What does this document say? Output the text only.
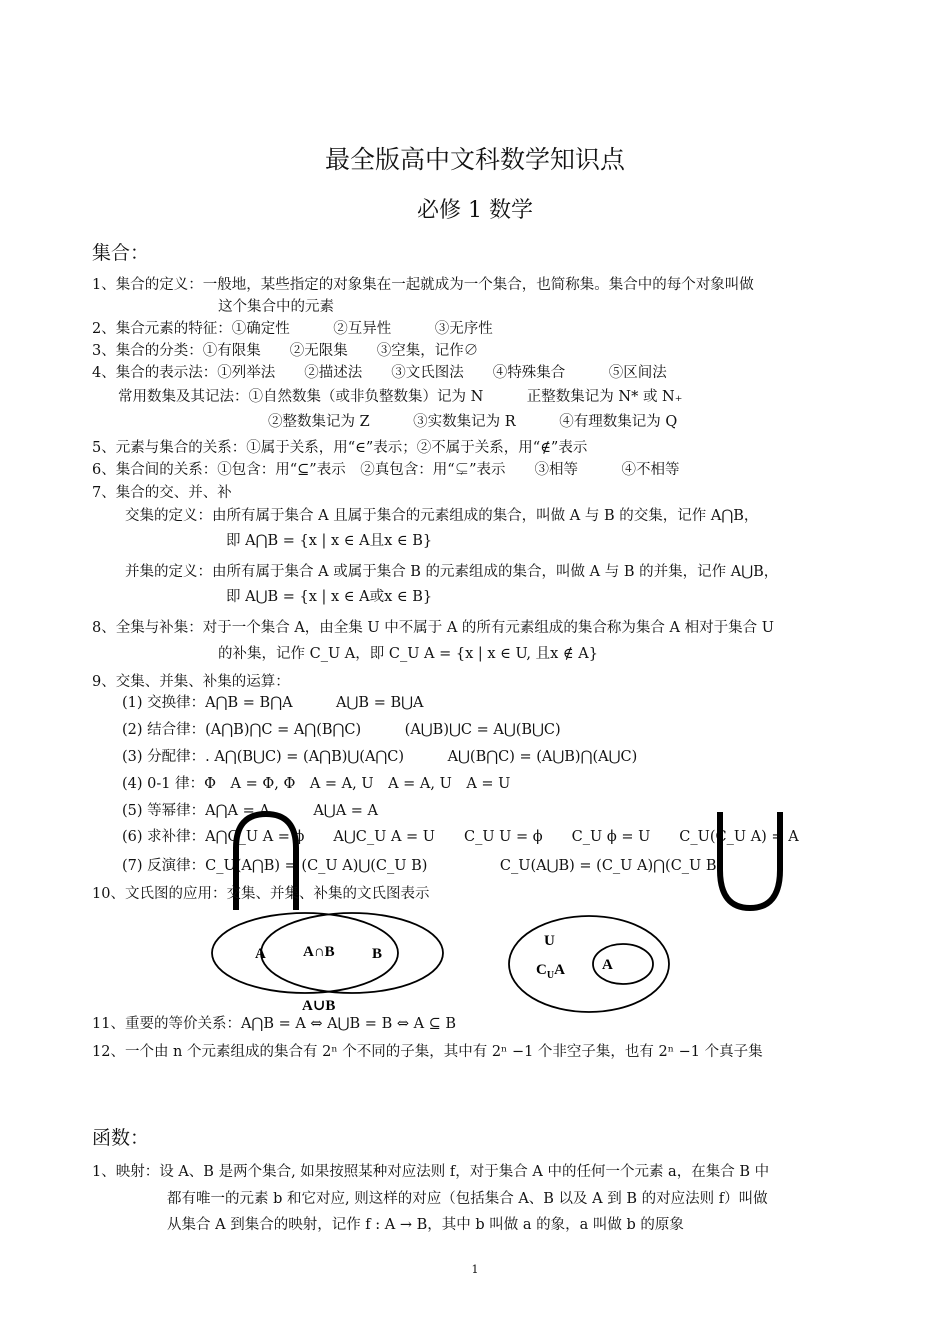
最全版高中文科数学知识点
必修 1 数学
集合：
1、集合的定义：一般地，某些指定的对象集在一起就成为一个集合，也简称集。集合中的每个对象叫做
这个集合中的元素
2、集合元素的特征：①确定性　　　②互异性　　　③无序性
3、集合的分类：①有限集　　②无限集　　③空集，记作∅
4、集合的表示法：①列举法　　②描述法　　③文氏图法　　④特殊集合　　　⑤区间法
常用数集及其记法：①自然数集（或非负整数集）记为 N　　　正整数集记为 N* 或 N₊
②整数集记为 Z　　　③实数集记为 R　　　④有理数集记为 Q
5、元素与集合的关系：①属于关系，用“∈”表示；②不属于关系，用“∉”表示
6、集合间的关系：①包含：用“⊆”表示　②真包含：用“⊊”表示　　③相等　　　④不相等
7、集合的交、并、补
交集的定义：由所有属于集合 A 且属于集合的元素组成的集合，叫做 A 与 B 的交集，记作 A⋂B，
即 A⋂B = {x | x ∈ A且x ∈ B}
并集的定义：由所有属于集合 A 或属于集合 B 的元素组成的集合，叫做 A 与 B 的并集，记作 A⋃B，
即 A⋃B = {x | x ∈ A或x ∈ B}
8、全集与补集：对于一个集合 A，由全集 U 中不属于 A 的所有元素组成的集合称为集合 A 相对于集合 U
的补集，记作 C_U A，即 C_U A = {x | x ∈ U, 且x ∉ A}
9、交集、并集、补集的运算：
(1) 交换律：A⋂B = B⋂A　　　A⋃B = B⋃A
(2) 结合律：(A⋂B)⋂C = A⋂(B⋂C)　　　(A⋃B)⋃C = A⋃(B⋃C)
(3) 分配律：. A⋂(B⋃C) = (A⋂B)⋃(A⋂C)　　　A⋃(B⋂C) = (A⋃B)⋂(A⋃C)
(4) 0-1 律：Φ　A = Φ, Φ　A = A, U　A = A, U　A = U
(5) 等幂律：A⋂A = A　　　A⋃A = A
(6) 求补律：A⋂C_U A = ϕ　　A⋃C_U A = U　　C_U U = ϕ　　C_U ϕ = U　　C_U(C_U A) = A
(7) 反演律：C_U(A⋂B) = (C_U A)⋃(C_U B)　　　　　C_U(A⋃B) = (C_U A)⋂(C_U B)
10、文氏图的应用：交集、并集、补集的文氏图表示
A A∩B B
A∪B
U
$C_UA$ A
11、重要的等价关系：A⋂B = A ⇔ A⋃B = B ⇔ A ⊆ B
12、一个由 n 个元素组成的集合有 2ⁿ 个不同的子集，其中有 2ⁿ −1 个非空子集，也有 2ⁿ −1 个真子集
函数：
1、映射：设 A、B 是两个集合, 如果按照某种对应法则 f，对于集合 A 中的任何一个元素 a，在集合 B 中
都有唯一的元素 b 和它对应, 则这样的对应（包括集合 A、B 以及 A 到 B 的对应法则 f）叫做
从集合 A 到集合的映射，记作 f : A → B，其中 b 叫做 a 的象，a 叫做 b 的原象
1
